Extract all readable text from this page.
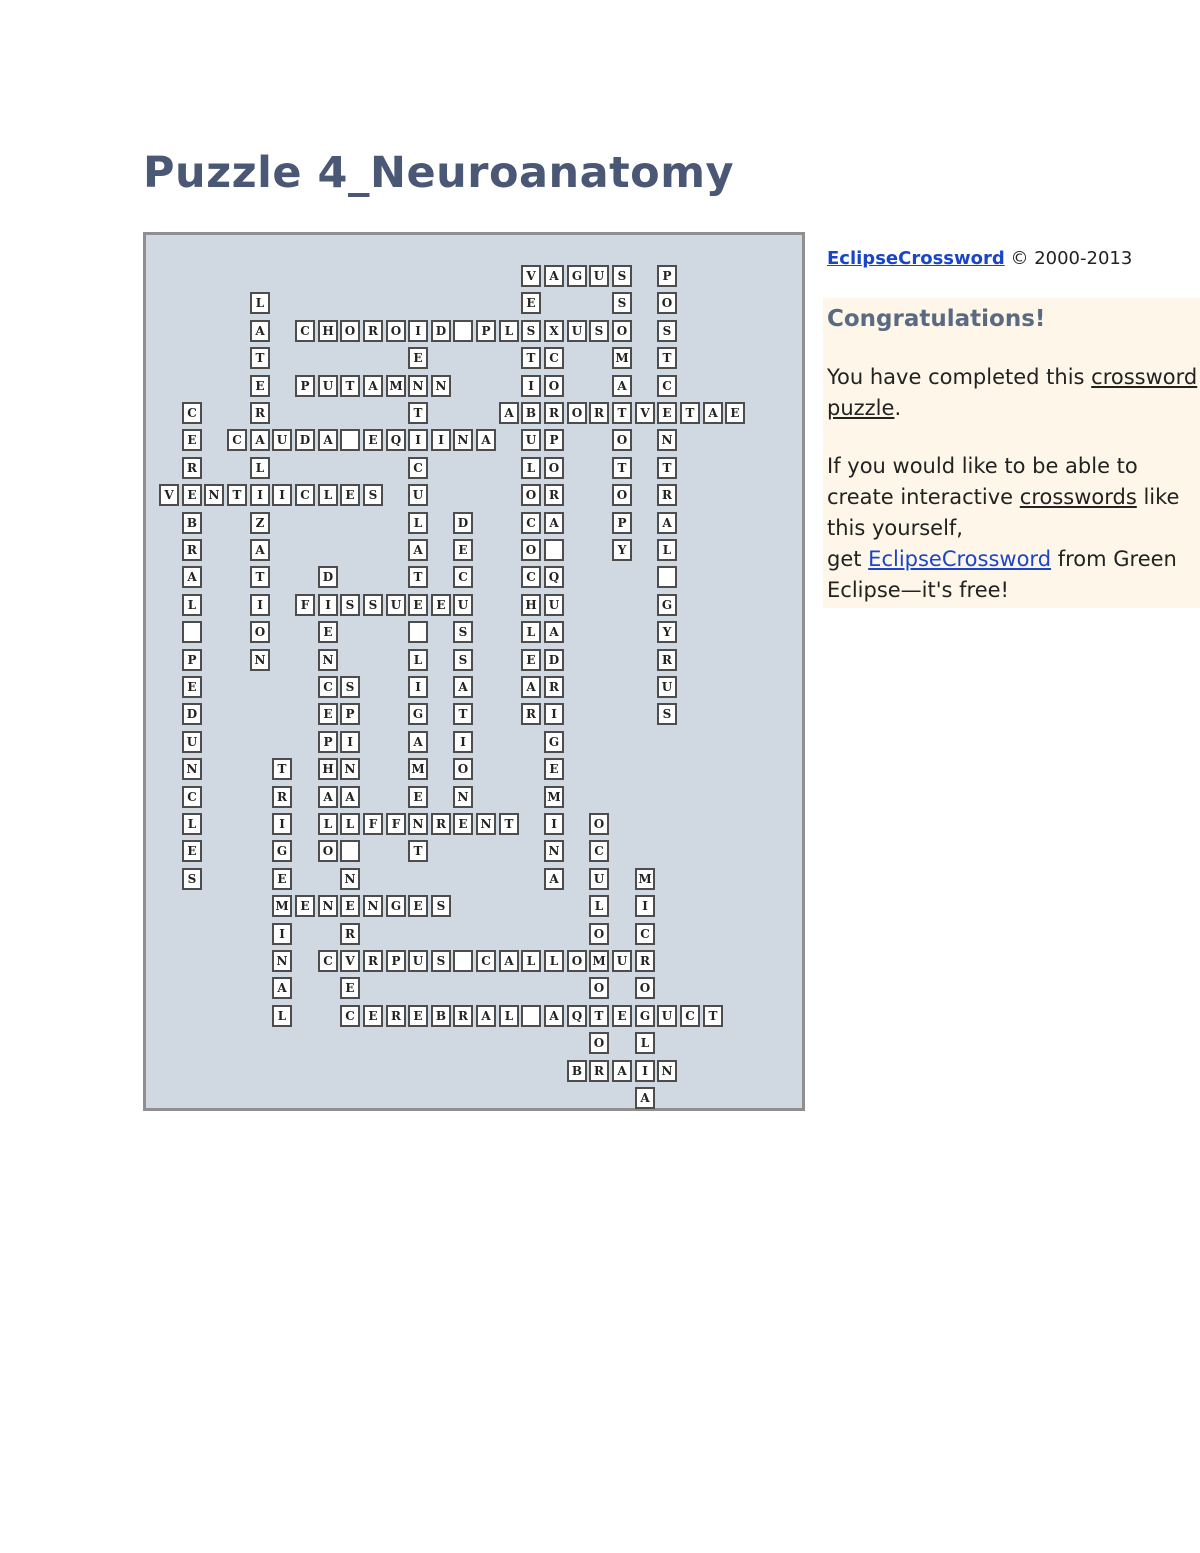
Puzzle 4_Neuroanatomy
V	A	G U	S
E
S
T
I
B
U
L
O
C
O
C
H
L
E
A
R
P
O
S
T
C
E
N
T
R
A
L
G
Y
R
U
S
L
A
T
E
R
A
L
I
Z
A
T
I
O
N
S
O
M
A
T
O
T
O
P
Y
C	H O	R	O	I	D	P	L	X	U	S
E
N
T
I
C
U
L
A
T
E
L
I
G
A
M
E
N
T
C
O
R
P
O
R
A
Q
U
A
D
R
I
G
E
M
I
N
A
P	U	T	A M	N
A	O R	V	T	A	E
C
E
R
E
B
R
A
L
P
E
D
U
N
C
L
E
S
C	U	D	A	E	Q	I	N	A
V	N	T	I	C	L	E	S
D
E
C
U
S
S
A
T
I
O
N
D
I
E
N
C
E
P
H
A
L
O
F	S	S	U	E
S
P
I
N
A
L
N
E
R
V
E
T
R
I
G
E
M
I
N
A
L
F	F	R	E	N	T	O
C
U
L
O
M
O
T
O
R
M
I
C
R
O
G
L
I
A
E	N	N	G	E	S
C	R	P	U	S	C	A	L	L	O	U
C	E	R	E	B R	A	L	A	Q	E	U	C	T
B	A	N

EclipseCrossword © 2000-2013

Congratulations!

You have completed this crossword puzzle.

If you would like to be able to create interactive crosswords like this yourself,
get EclipseCrossword from Green Eclipse—it's free!
